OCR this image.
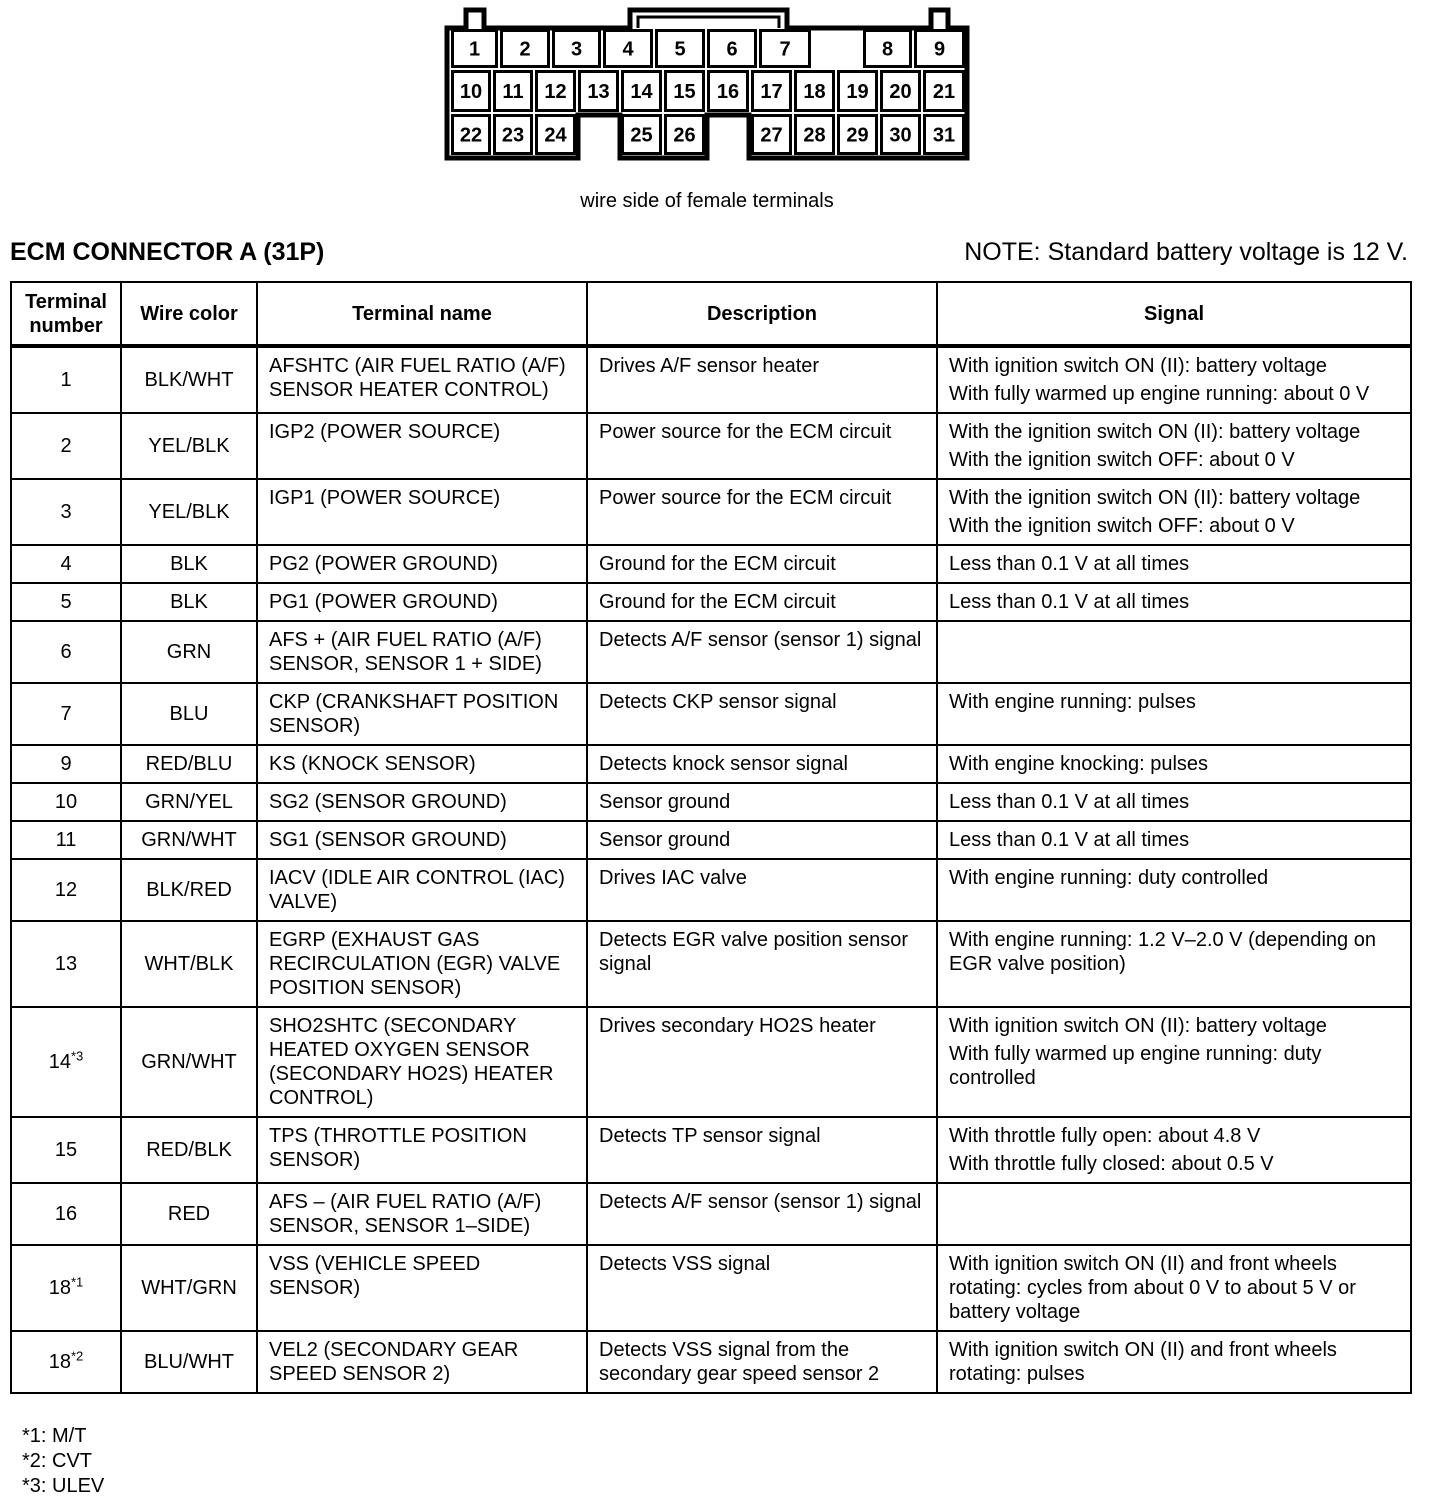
1 2 3 4 5 6 7	8 9
10 11 12 13 14 15 16 17 18 19 20 21
22 23 24	25 26	27 28 29 30 31
wire side of female terminals
ECM CONNECTOR A (31P)	NOTE: Standard battery voltage is 12 V.
Terminal
number	Wire color	Terminal name	Description	Signal
1	BLK/WHT	AFSHTC (AIR FUEL RATIO (A/F) SENSOR HEATER CONTROL)	Drives A/F sensor heater	With ignition switch ON (II): battery voltage
With fully warmed up engine running: about 0 V

2	YEL/BLK	IGP2 (POWER SOURCE)	Power source for the ECM circuit	With the ignition switch ON (II): battery voltage
With the ignition switch OFF: about 0 V

3	YEL/BLK	IGP1 (POWER SOURCE)	Power source for the ECM circuit	With the ignition switch ON (II): battery voltage
With the ignition switch OFF: about 0 V

4	BLK	PG2 (POWER GROUND)	Ground for the ECM circuit	Less than 0.1 V at all times

5	BLK	PG1 (POWER GROUND)	Ground for the ECM circuit	Less than 0.1 V at all times

6	GRN	AFS + (AIR FUEL RATIO (A/F) SENSOR, SENSOR 1 + SIDE)	Detects A/F sensor (sensor 1) signal	
7	BLU	CKP (CRANKSHAFT POSITION SENSOR)	Detects CKP sensor signal	With engine running: pulses

9	RED/BLU	KS (KNOCK SENSOR)	Detects knock sensor signal	With engine knocking: pulses

10	GRN/YEL	SG2 (SENSOR GROUND)	Sensor ground	Less than 0.1 V at all times

11	GRN/WHT	SG1 (SENSOR GROUND)	Sensor ground	Less than 0.1 V at all times

12	BLK/RED	IACV (IDLE AIR CONTROL (IAC) VALVE)	Drives IAC valve	With engine running: duty controlled

13	WHT/BLK	EGRP (EXHAUST GAS RECIRCULATION (EGR) VALVE POSITION SENSOR)	Detects EGR valve position sensor signal	With engine running: 1.2 V–2.0 V (depending on EGR valve position)

14$^{*3}$	GRN/WHT	SHO2SHTC (SECONDARY HEATED OXYGEN SENSOR (SECONDARY HO2S) HEATER CONTROL)	Drives secondary HO2S heater	With ignition switch ON (II): battery voltage
With fully warmed up engine running: duty controlled

15	RED/BLK	TPS (THROTTLE POSITION SENSOR)	Detects TP sensor signal	With throttle fully open: about 4.8 V
With throttle fully closed: about 0.5 V

16	RED	AFS – (AIR FUEL RATIO (A/F) SENSOR, SENSOR 1–SIDE)	Detects A/F sensor (sensor 1) signal	
18$^{*1}$	WHT/GRN	VSS (VEHICLE SPEED SENSOR)	Detects VSS signal	With ignition switch ON (II) and front wheels rotating: cycles from about 0 V to about 5 V or battery voltage

18$^{*2}$	BLU/WHT	VEL2 (SECONDARY GEAR SPEED SENSOR 2)	Detects VSS signal from the secondary gear speed sensor 2	With ignition switch ON (II) and front wheels rotating: pulses
*1: M/T
*2: CVT
*3: ULEV
